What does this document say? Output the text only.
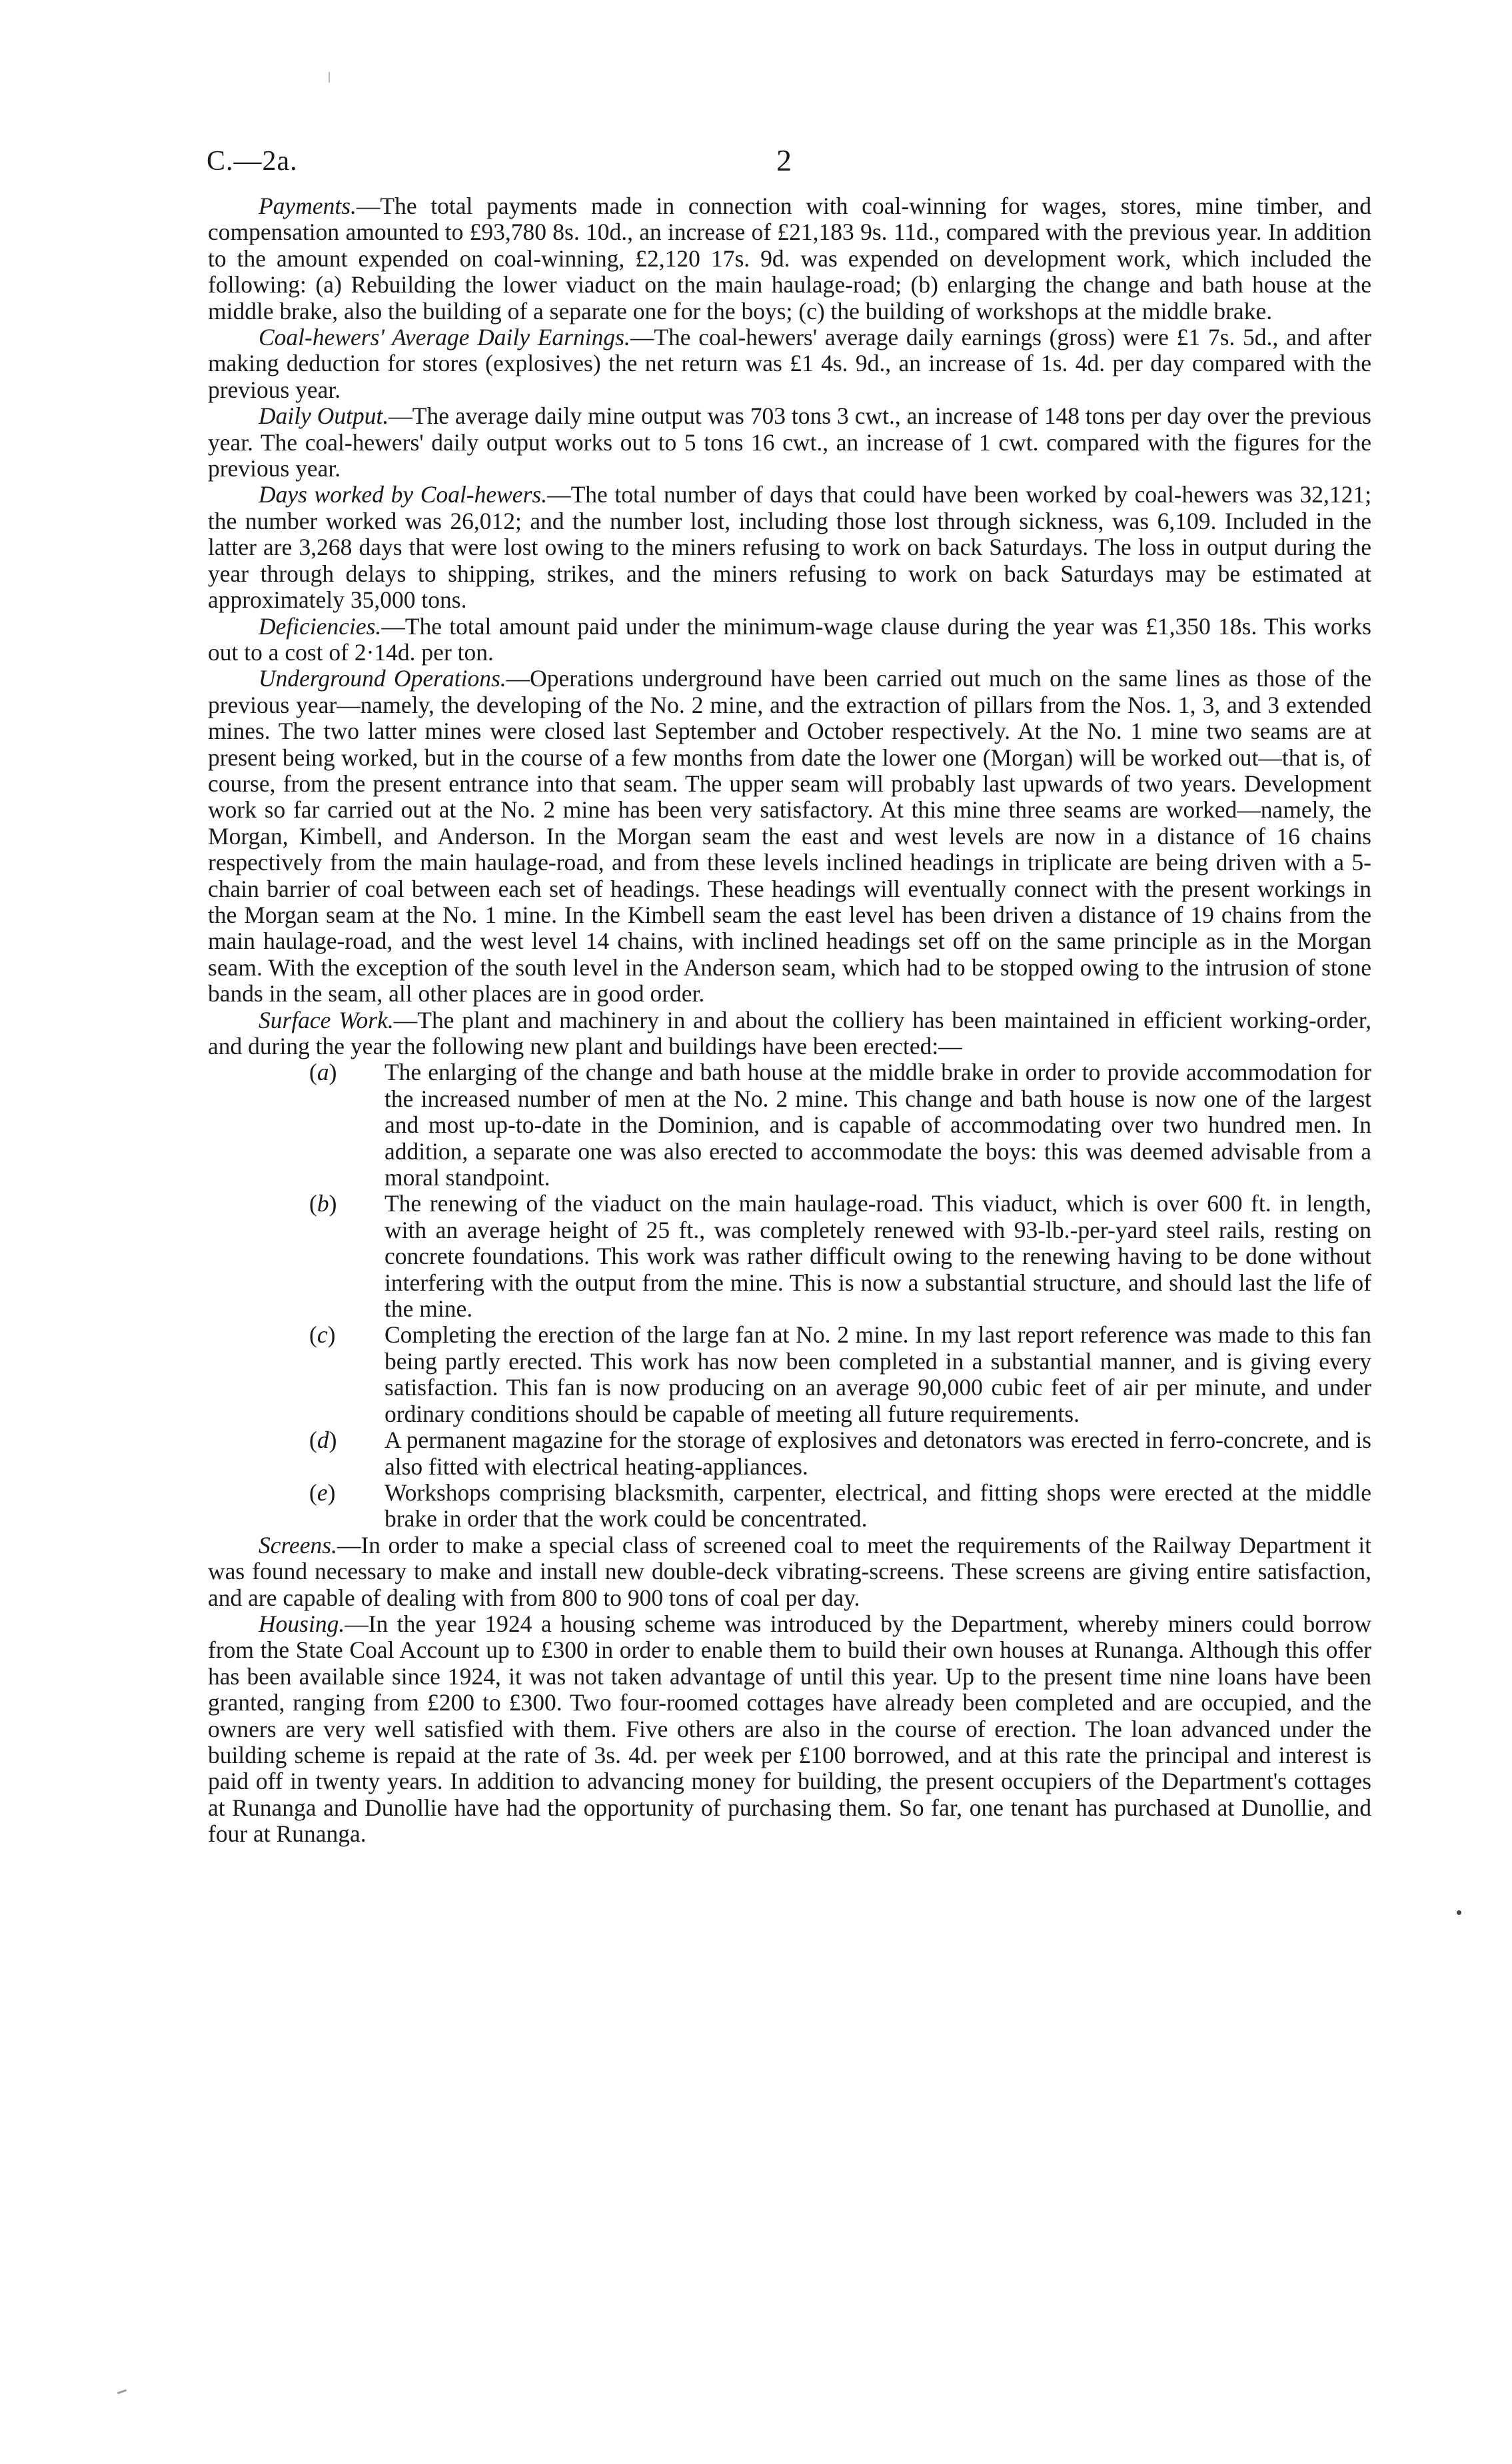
C.—2a.	2

Payments.—The total payments made in connection with coal-winning for wages, stores, mine timber, and compensation amounted to £93,780 8s. 10d., an increase of £21,183 9s. 11d., compared with the previous year. In addition to the amount expended on coal-winning, £2,120 17s. 9d. was expended on development work, which included the following: (a) Rebuilding the lower viaduct on the main haulage-road; (b) enlarging the change and bath house at the middle brake, also the building of a separate one for the boys; (c) the building of workshops at the middle brake.

Coal-hewers' Average Daily Earnings.—The coal-hewers' average daily earnings (gross) were £1 7s. 5d., and after making deduction for stores (explosives) the net return was £1 4s. 9d., an increase of 1s. 4d. per day compared with the previous year.

Daily Output.—The average daily mine output was 703 tons 3 cwt., an increase of 148 tons per day over the previous year. The coal-hewers' daily output works out to 5 tons 16 cwt., an increase of 1 cwt. compared with the figures for the previous year.

Days worked by Coal-hewers.—The total number of days that could have been worked by coal-hewers was 32,121; the number worked was 26,012; and the number lost, including those lost through sickness, was 6,109. Included in the latter are 3,268 days that were lost owing to the miners refusing to work on back Saturdays. The loss in output during the year through delays to shipping, strikes, and the miners refusing to work on back Saturdays may be estimated at approximately 35,000 tons.

Deficiencies.—The total amount paid under the minimum-wage clause during the year was £1,350 18s. This works out to a cost of 2·14d. per ton.

Underground Operations.—Operations underground have been carried out much on the same lines as those of the previous year—namely, the developing of the No. 2 mine, and the extraction of pillars from the Nos. 1, 3, and 3 extended mines. The two latter mines were closed last September and October respectively. At the No. 1 mine two seams are at present being worked, but in the course of a few months from date the lower one (Morgan) will be worked out—that is, of course, from the present entrance into that seam. The upper seam will probably last upwards of two years. Development work so far carried out at the No. 2 mine has been very satisfactory. At this mine three seams are worked—namely, the Morgan, Kimbell, and Anderson. In the Morgan seam the east and west levels are now in a distance of 16 chains respectively from the main haulage-road, and from these levels inclined headings in triplicate are being driven with a 5-chain barrier of coal between each set of headings. These headings will eventually connect with the present workings in the Morgan seam at the No. 1 mine. In the Kimbell seam the east level has been driven a distance of 19 chains from the main haulage-road, and the west level 14 chains, with inclined headings set off on the same principle as in the Morgan seam. With the exception of the south level in the Anderson seam, which had to be stopped owing to the intrusion of stone bands in the seam, all other places are in good order.

Surface Work.—The plant and machinery in and about the colliery has been maintained in efficient working-order, and during the year the following new plant and buildings have been erected:—

(a) The enlarging of the change and bath house at the middle brake in order to provide accommodation for the increased number of men at the No. 2 mine. This change and bath house is now one of the largest and most up-to-date in the Dominion, and is capable of accommodating over two hundred men. In addition, a separate one was also erected to accommodate the boys: this was deemed advisable from a moral standpoint.

(b) The renewing of the viaduct on the main haulage-road. This viaduct, which is over 600 ft. in length, with an average height of 25 ft., was completely renewed with 93-lb.-per-yard steel rails, resting on concrete foundations. This work was rather difficult owing to the renewing having to be done without interfering with the output from the mine. This is now a substantial structure, and should last the life of the mine.

(c) Completing the erection of the large fan at No. 2 mine. In my last report reference was made to this fan being partly erected. This work has now been completed in a substantial manner, and is giving every satisfaction. This fan is now producing on an average 90,000 cubic feet of air per minute, and under ordinary conditions should be capable of meeting all future requirements.

(d) A permanent magazine for the storage of explosives and detonators was erected in ferro-concrete, and is also fitted with electrical heating-appliances.

(e) Workshops comprising blacksmith, carpenter, electrical, and fitting shops were erected at the middle brake in order that the work could be concentrated.

Screens.—In order to make a special class of screened coal to meet the requirements of the Railway Department it was found necessary to make and install new double-deck vibrating-screens. These screens are giving entire satisfaction, and are capable of dealing with from 800 to 900 tons of coal per day.

Housing.—In the year 1924 a housing scheme was introduced by the Department, whereby miners could borrow from the State Coal Account up to £300 in order to enable them to build their own houses at Runanga. Although this offer has been available since 1924, it was not taken advantage of until this year. Up to the present time nine loans have been granted, ranging from £200 to £300. Two four-roomed cottages have already been completed and are occupied, and the owners are very well satisfied with them. Five others are also in the course of erection. The loan advanced under the building scheme is repaid at the rate of 3s. 4d. per week per £100 borrowed, and at this rate the principal and interest is paid off in twenty years. In addition to advancing money for building, the present occupiers of the Department's cottages at Runanga and Dunollie have had the opportunity of purchasing them. So far, one tenant has purchased at Dunollie, and four at Runanga.
